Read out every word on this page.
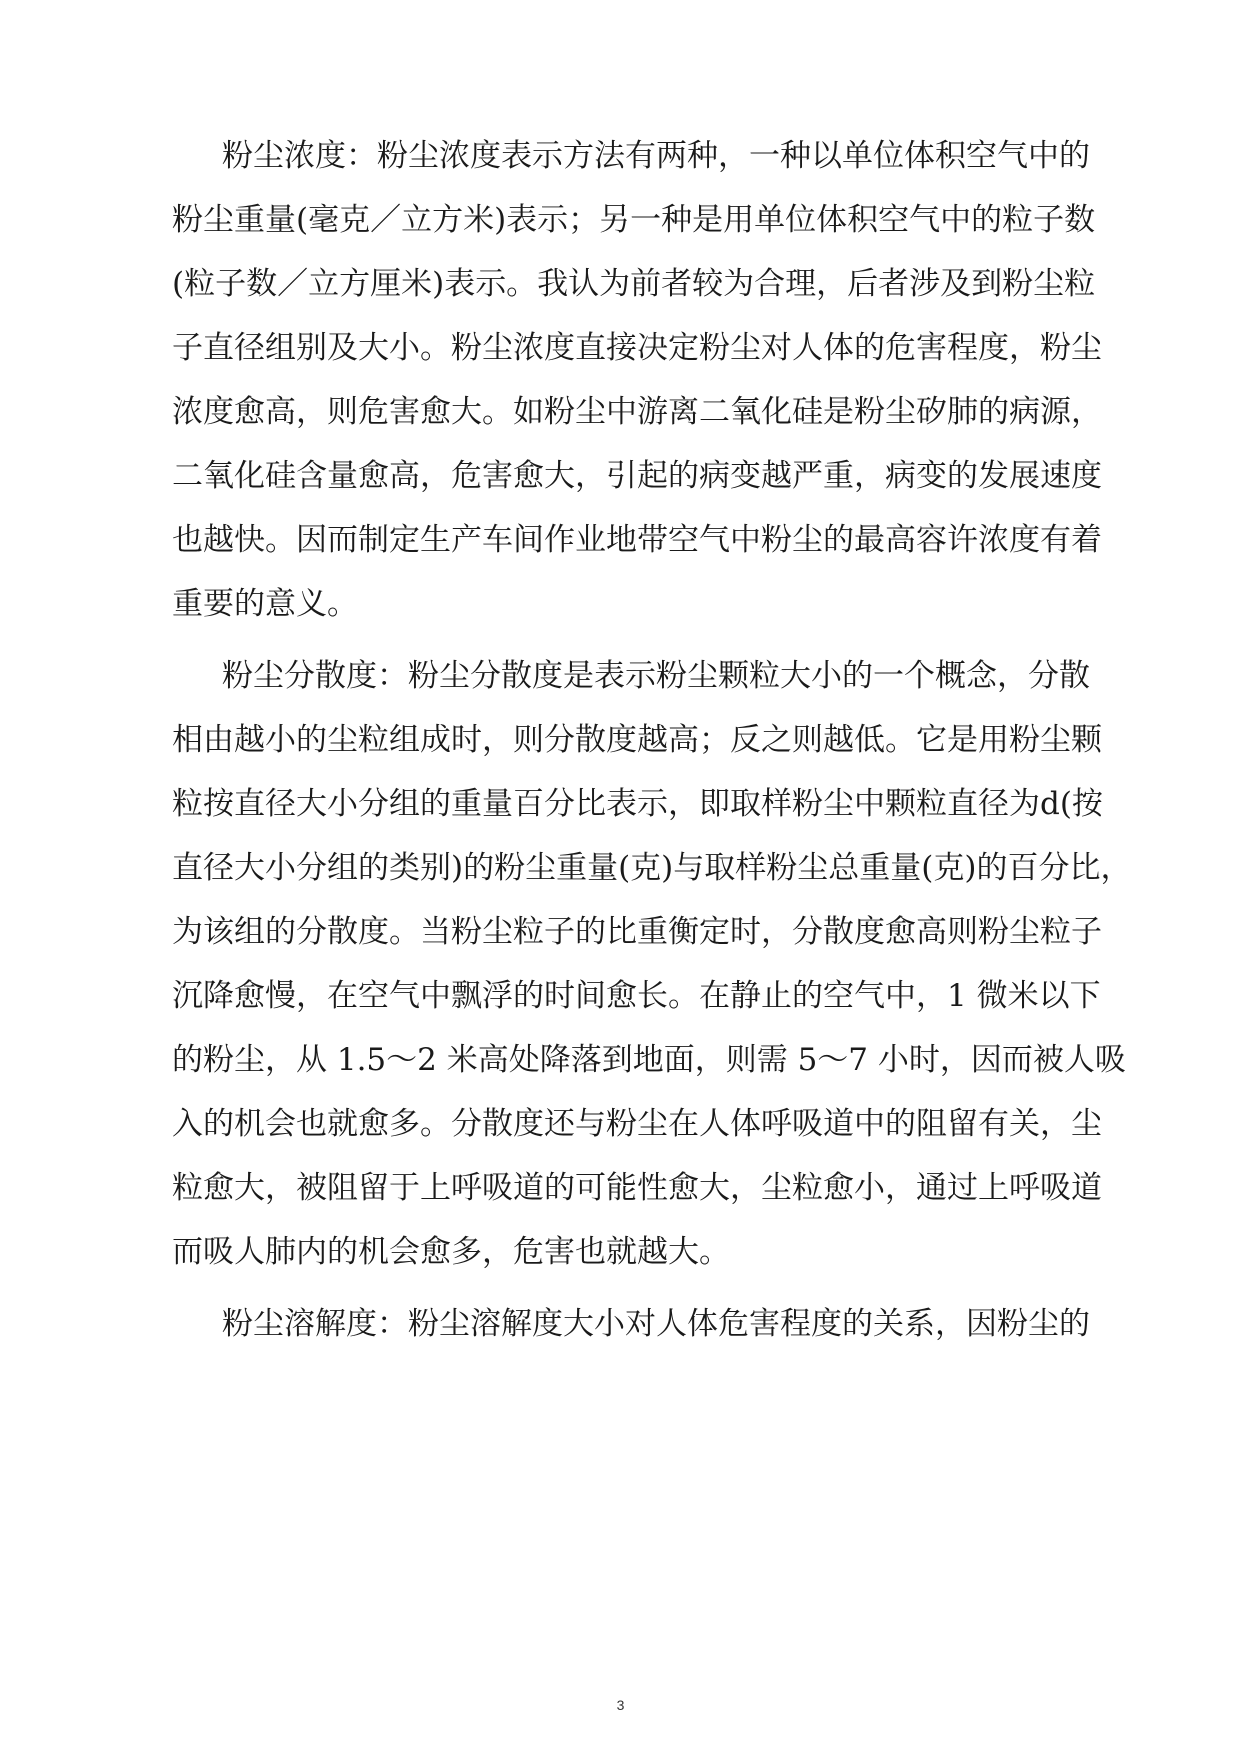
粉尘浓度：粉尘浓度表示方法有两种，一种以单位体积空气中的
粉尘重量(毫克／立方米)表示；另一种是用单位体积空气中的粒子数
(粒子数／立方厘米)表示。我认为前者较为合理，后者涉及到粉尘粒
子直径组别及大小。粉尘浓度直接决定粉尘对人体的危害程度，粉尘
浓度愈高，则危害愈大。如粉尘中游离二氧化硅是粉尘矽肺的病源，
二氧化硅含量愈高，危害愈大，引起的病变越严重，病变的发展速度
也越快。因而制定生产车间作业地带空气中粉尘的最高容许浓度有着
重要的意义。
粉尘分散度：粉尘分散度是表示粉尘颗粒大小的一个概念，分散
相由越小的尘粒组成时，则分散度越高；反之则越低。它是用粉尘颗
粒按直径大小分组的重量百分比表示，即取样粉尘中颗粒直径为d(按
直径大小分组的类别)的粉尘重量(克)与取样粉尘总重量(克)的百分比，
为该组的分散度。当粉尘粒子的比重衡定时，分散度愈高则粉尘粒子
沉降愈慢，在空气中飘浮的时间愈长。在静止的空气中，1 微米以下
的粉尘，从 1.5～2 米高处降落到地面，则需 5～7 小时，因而被人吸
入的机会也就愈多。分散度还与粉尘在人体呼吸道中的阻留有关，尘
粒愈大，被阻留于上呼吸道的可能性愈大，尘粒愈小，通过上呼吸道
而吸人肺内的机会愈多，危害也就越大。
粉尘溶解度：粉尘溶解度大小对人体危害程度的关系，因粉尘的
3
